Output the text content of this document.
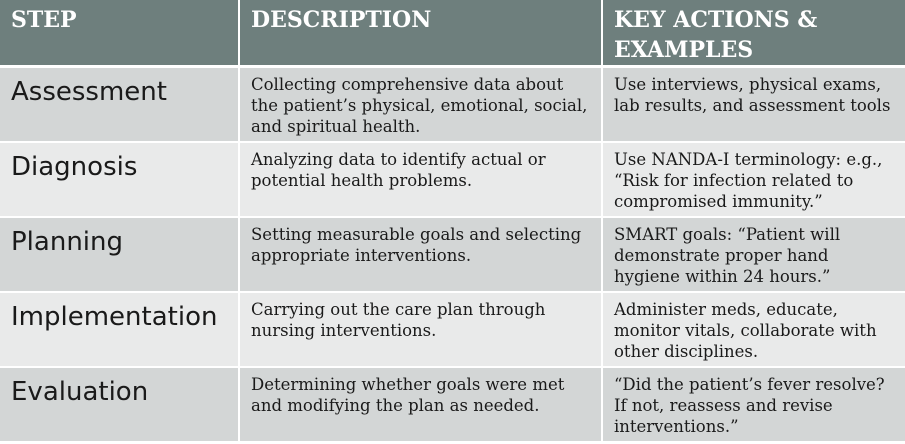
STEP	DESCRIPTION	KEY ACTIONS & EXAMPLES
Assessment	Collecting comprehensive data about the patient’s physical, emotional, social, and spiritual health.	Use interviews, physical exams, lab results, and assessment tools
Diagnosis	Analyzing data to identify actual or potential health problems.	Use NANDA-I terminology: e.g., “Risk for infection related to compromised immunity.”
Planning	Setting measurable goals and selecting appropriate interventions.	SMART goals: “Patient will demonstrate proper hand hygiene within 24 hours.”
Implementation	Carrying out the care plan through nursing interventions.	Administer meds, educate, monitor vitals, collaborate with other disciplines.
Evaluation	Determining whether goals were met and modifying the plan as needed.	“Did the patient’s fever resolve? If not, reassess and revise interventions.”
